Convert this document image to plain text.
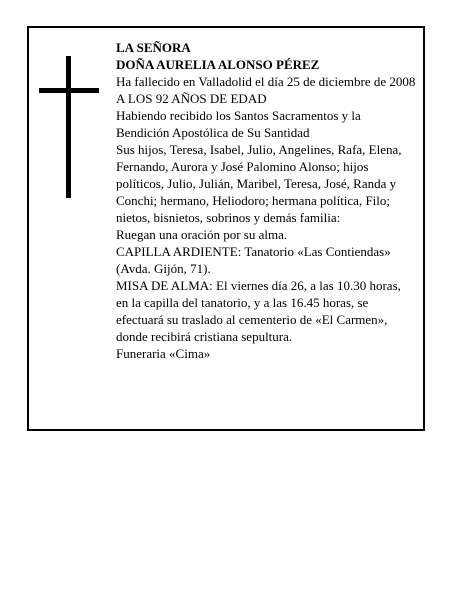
LA SEÑORA

DOÑA AURELIA ALONSO PÉREZ

Ha fallecido en Valladolid el día 25 de diciembre de 2008

A LOS 92 AÑOS DE EDAD

Habiendo recibido los Santos Sacramentos y la Bendición Apostólica de Su Santidad

Sus hijos, Teresa, Isabel, Julio, Angelines, Rafa, Elena, Fernando, Aurora y José Palomino Alonso; hijos políticos, Julio, Julián, Maribel, Teresa, José, Randa y Conchi; hermano, Heliodoro; hermana política, Filo; nietos, bisnietos, sobrinos y demás familia:

Ruegan una oración por su alma.

CAPILLA ARDIENTE: Tanatorio «Las Contiendas» (Avda. Gijón, 71).

MISA DE ALMA: El viernes día 26, a las 10.30 horas, en la capilla del tanatorio, y a las 16.45 horas, se efectuará su traslado al cementerio de «El Carmen», donde recibirá cristiana sepultura.

Funeraria «Cima»
